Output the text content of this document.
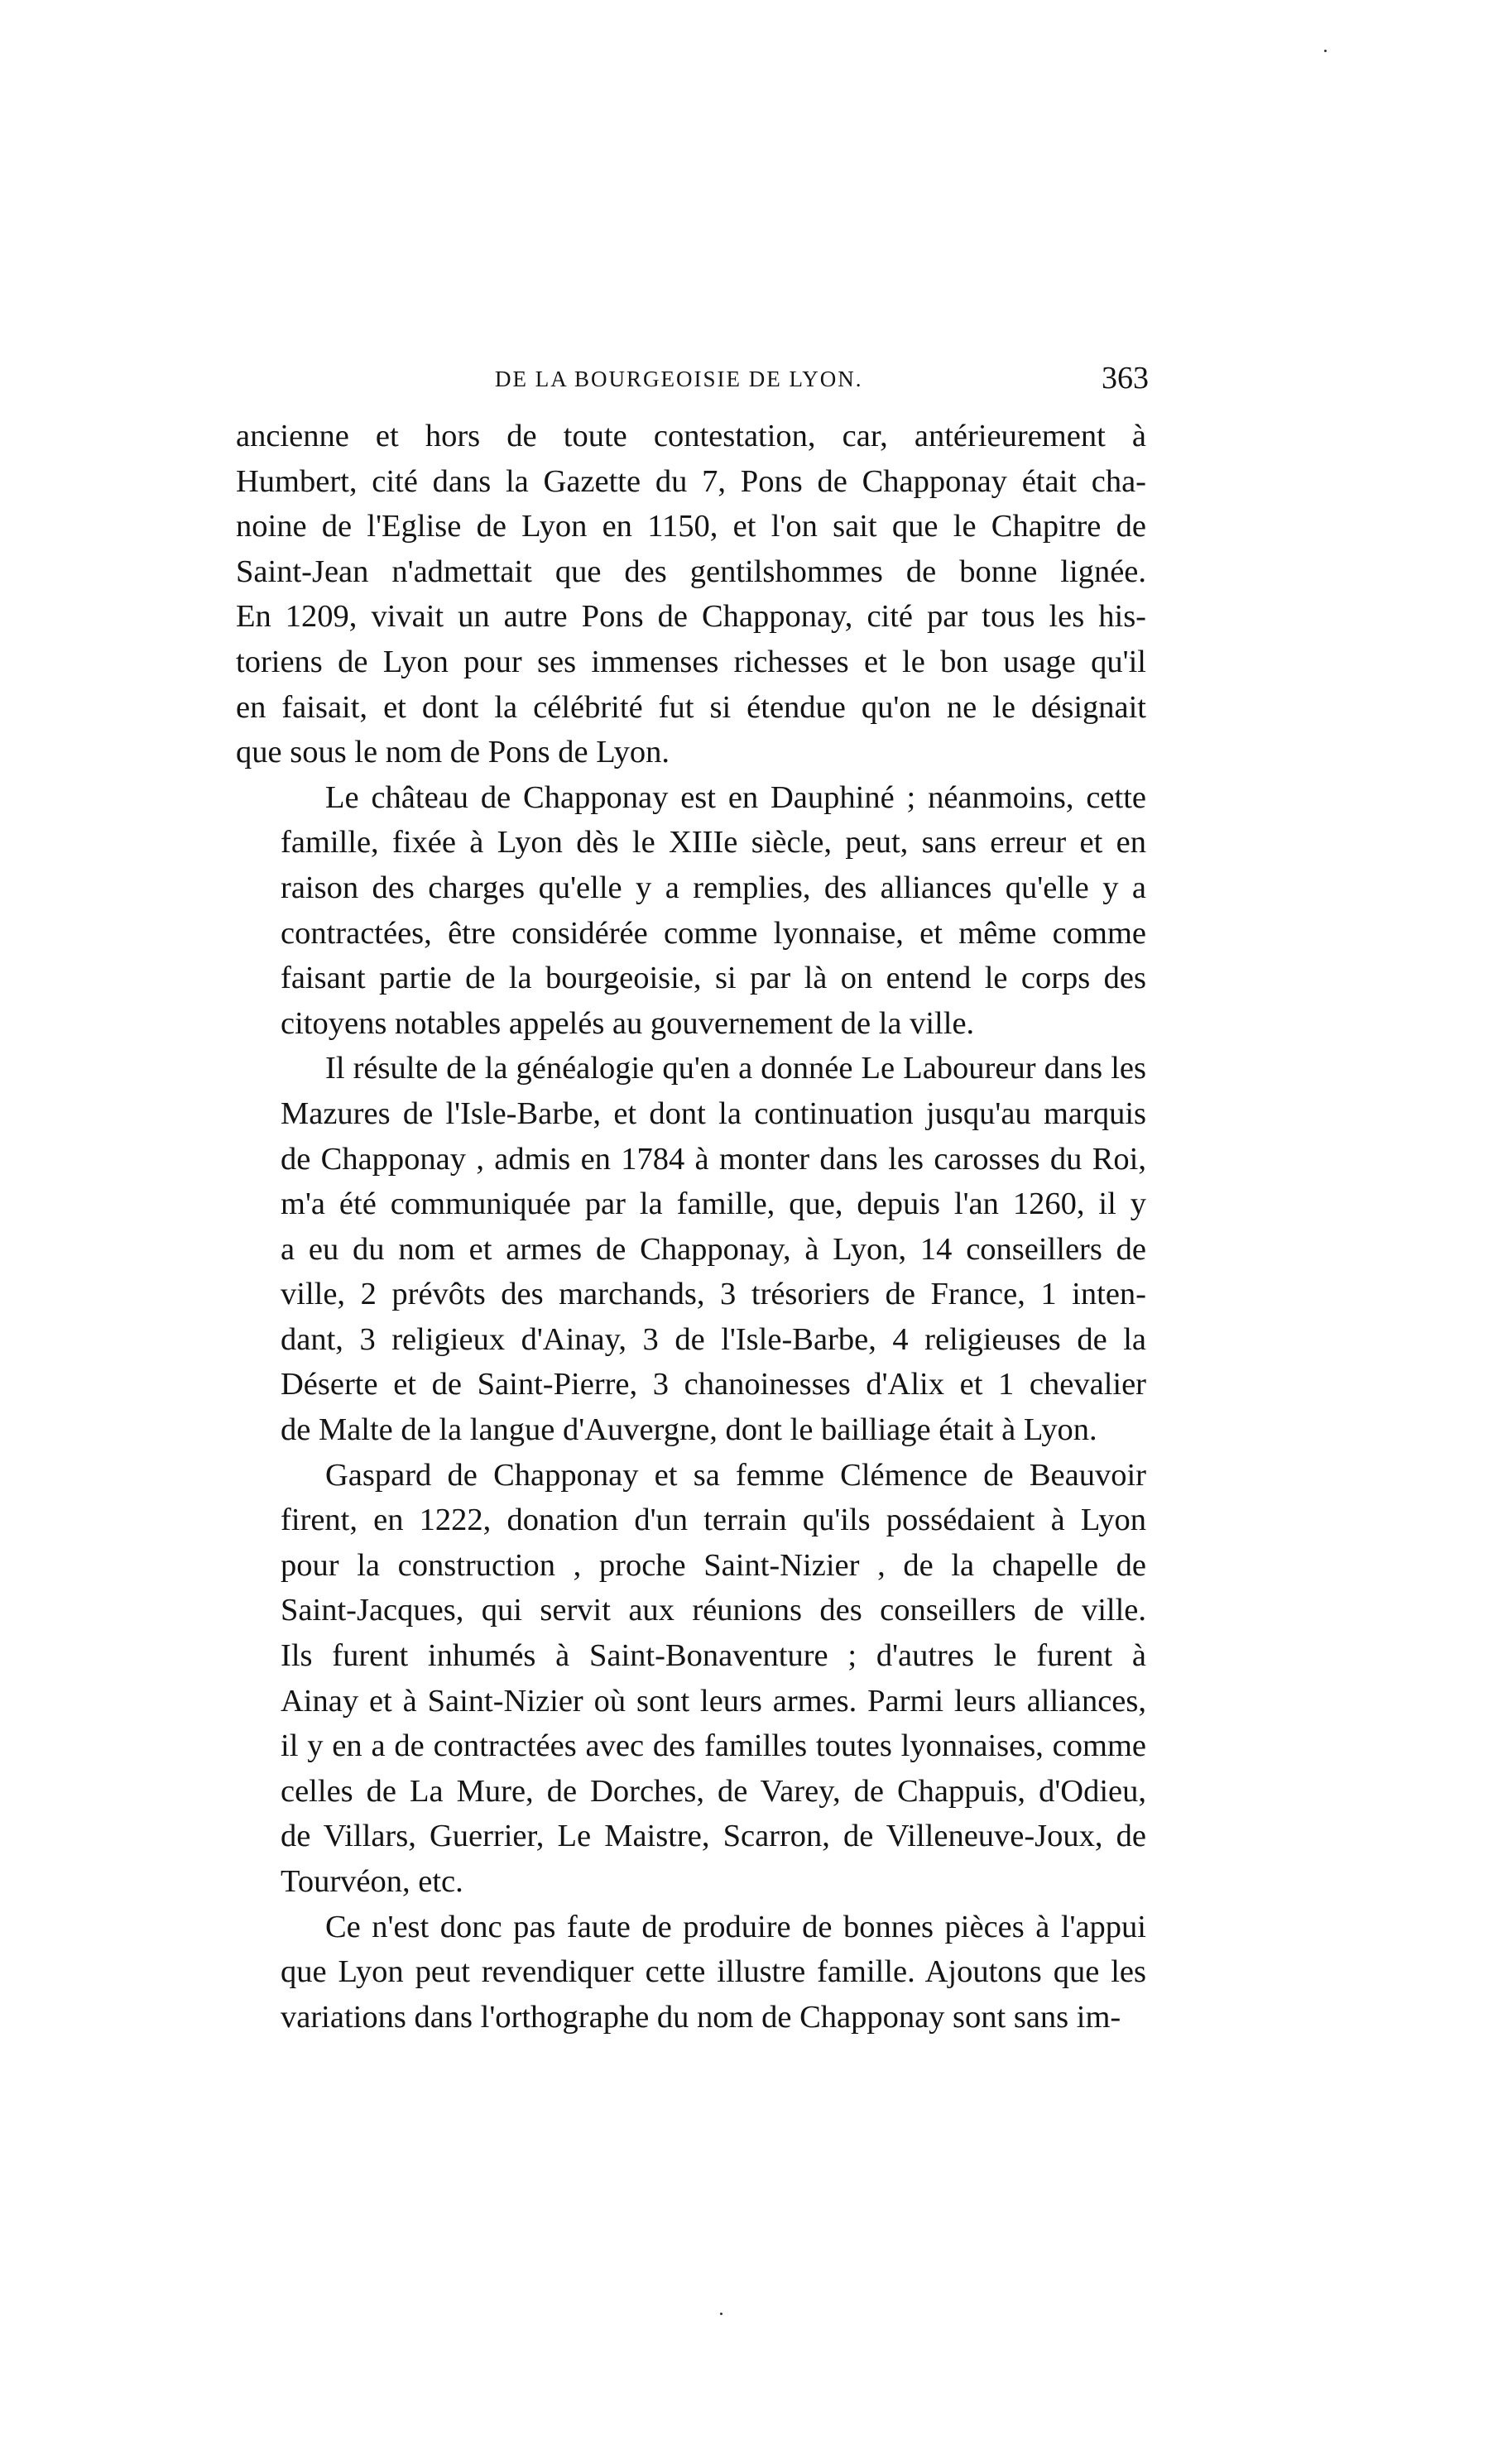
DE LA BOURGEOISIE DE LYON.	363
ancienne et hors de toute contestation, car, antérieurement à
Humbert, cité dans la Gazette du 7, Pons de Chapponay était cha-
noine de l'Eglise de Lyon en 1150, et l'on sait que le Chapitre de
Saint-Jean n'admettait que des gentilshommes de bonne lignée.
En 1209, vivait un autre Pons de Chapponay, cité par tous les his-
toriens de Lyon pour ses immenses richesses et le bon usage qu'il
en faisait, et dont la célébrité fut si étendue qu'on ne le désignait
que sous le nom de Pons de Lyon.
Le château de Chapponay est en Dauphiné ; néanmoins, cette
famille, fixée à Lyon dès le XIIIe siècle, peut, sans erreur et en
raison des charges qu'elle y a remplies, des alliances qu'elle y a
contractées, être considérée comme lyonnaise, et même comme
faisant partie de la bourgeoisie, si par là on entend le corps des
citoyens notables appelés au gouvernement de la ville.
Il résulte de la généalogie qu'en a donnée Le Laboureur dans les
Mazures de l'Isle-Barbe, et dont la continuation jusqu'au marquis
de Chapponay , admis en 1784 à monter dans les carosses du Roi,
m'a été communiquée par la famille, que, depuis l'an 1260, il y
a eu du nom et armes de Chapponay, à Lyon, 14 conseillers de
ville, 2 prévôts des marchands, 3 trésoriers de France, 1 inten-
dant, 3 religieux d'Ainay, 3 de l'Isle-Barbe, 4 religieuses de la
Déserte et de Saint-Pierre, 3 chanoinesses d'Alix et 1 chevalier
de Malte de la langue d'Auvergne, dont le bailliage était à Lyon.
Gaspard de Chapponay et sa femme Clémence de Beauvoir
firent, en 1222, donation d'un terrain qu'ils possédaient à Lyon
pour la construction , proche Saint-Nizier , de la chapelle de
Saint-Jacques, qui servit aux réunions des conseillers de ville.
Ils furent inhumés à Saint-Bonaventure ; d'autres le furent à
Ainay et à Saint-Nizier où sont leurs armes. Parmi leurs alliances,
il y en a de contractées avec des familles toutes lyonnaises, comme
celles de La Mure, de Dorches, de Varey, de Chappuis, d'Odieu,
de Villars, Guerrier, Le Maistre, Scarron, de Villeneuve-Joux, de
Tourvéon, etc.
Ce n'est donc pas faute de produire de bonnes pièces à l'appui
que Lyon peut revendiquer cette illustre famille. Ajoutons que les
variations dans l'orthographe du nom de Chapponay sont sans im-
